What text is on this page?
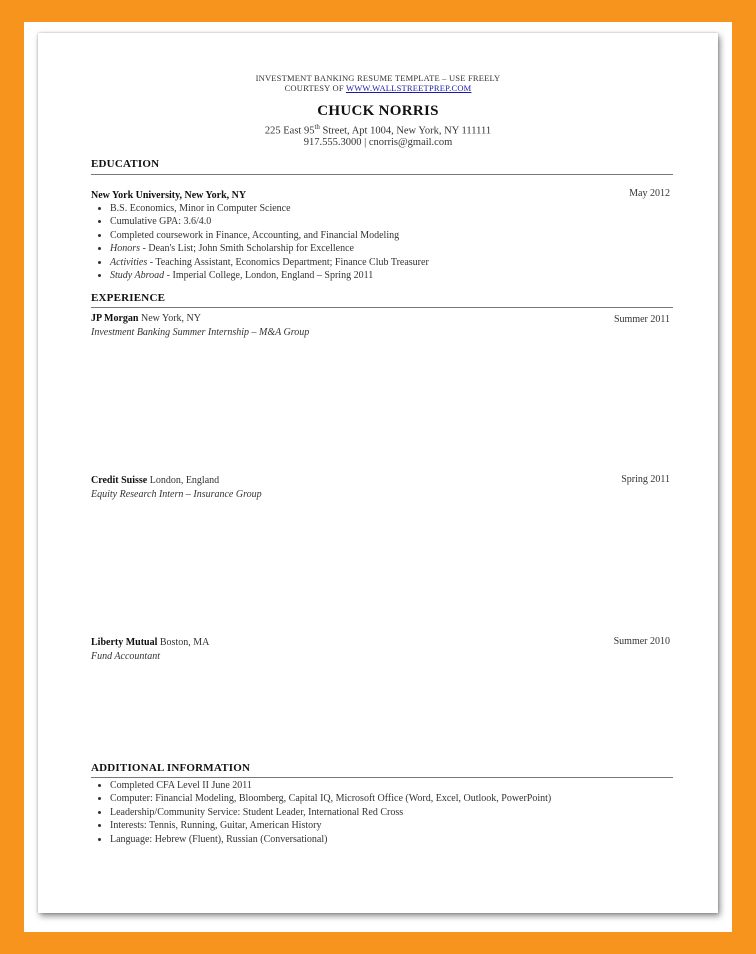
INVESTMENT BANKING RESUME TEMPLATE – USE FREELY
COURTESY OF WWW.WALLSTREETPREP.COM
CHUCK NORRIS
225 East 95th Street, Apt 1004, New York, NY 111111
917.555.3000 | cnorris@gmail.com
EDUCATION
New York University, New York, NY	May 2012
• B.S. Economics, Minor in Computer Science
• Cumulative GPA: 3.6/4.0
• Completed coursework in Finance, Accounting, and Financial Modeling
• Honors - Dean's List; John Smith Scholarship for Excellence
• Activities - Teaching Assistant, Economics Department; Finance Club Treasurer
• Study Abroad - Imperial College, London, England – Spring 2011
EXPERIENCE
JP Morgan New York, NY	Summer 2011
Investment Banking Summer Internship – M&A Group
Credit Suisse London, England	Spring 2011
Equity Research Intern – Insurance Group
Liberty Mutual Boston, MA	Summer 2010
Fund Accountant
ADDITIONAL INFORMATION
• Completed CFA Level II June 2011
• Computer: Financial Modeling, Bloomberg, Capital IQ, Microsoft Office (Word, Excel, Outlook, PowerPoint)
• Leadership/Community Service: Student Leader, International Red Cross
• Interests: Tennis, Running, Guitar, American History
• Language: Hebrew (Fluent), Russian (Conversational)
